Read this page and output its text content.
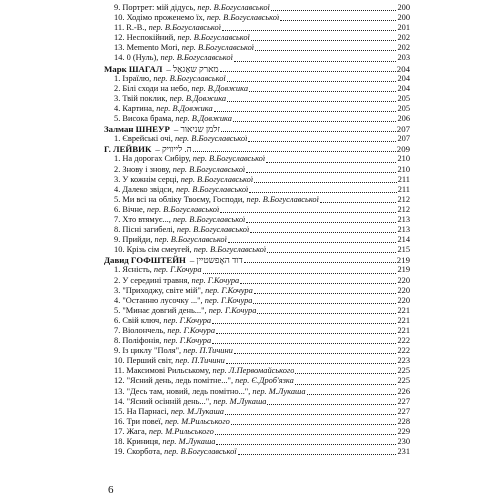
9. Портрет: мій дідусь, пер. В.Богуславської	200
10. Ходімо прожeнемо їх, пер. В.Богуславської	200
11. R.-B., пер. В.Богуславської	201
12. Неспокійний, пер. В.Богуславської	202
13. Memento Mori, пер. В.Богуславської	202
14. 0 (Нуль), пер. В.Богуславської	203
Марк ШАГАЛ – מארק שאַגאַל	204
1. Ізраїлю, пер. В.Богуславської	204
2. Білі сходи на небо, пер. В.Довжика	204
3. Твій поклик, пер. В.Довжика	205
4. Картина, пер. В.Довжика	205
5. Висока брама, пер. В.Довжика	206
Залман ШНЕУР – זלמן שניאור	207
1. Єврейські очі, пер. В.Богуславської	207
Г. ЛЕЙВИК – ה. לייוויק	209
1. На дорогах Сибіру, пер. В.Богуславської	210
2. Знову і знову, пер. В.Богуславської	210
3. У кожнім серці, пер. В.Богуславської	211
4. Далеко звідси, пер. В.Богуславської	211
5. Ми всі на обліку Твоєму, Господи, пер. В.Богуславської	212
6. Вічне, пер. В.Богуславської	212
7. Хто втямує..., пер. В.Богуславської	213
8. Пісні загибелі, пер. В.Богуславської	213
9. Прийди, пер. В.Богуславської	214
10. Крізь сім смеугей, пер. В.Богуславської	215
Давид ГОФШТЕЙН – דוד האָפשטיין	219
1. Ясність, пер. Г.Кочура	219
2. У середині травня, пер. Г.Кочура	220
3. "Приходжу, світе мій", пер. Г.Кочура	220
4. "Останню лусочку ...", пер. Г.Кочура	220
5. "Минає довгий день...", пер. Г.Кочура	221
6. Свій ключ, пер. Г.Кочура	221
7. Віолончель, пер. Г.Кочура	221
8. Поліфонія, пер. Г.Кочура	222
9. Із циклу "Поля", пер. П.Тичини	222
10. Перший світ, пер. П.Тичини	223
11. Максимові Рильському, пер. Л.Первомайського	225
12. "Ясний день, ледь помітне...", пер. Є.Дроб'язка	225
13. "Десь там, новий, ледь помітно...", пер. М.Лукаша	226
14. "Ясний осінній день...", пер. М.Лукаша	227
15. На Парнасі, пер. М.Лукаша	227
16. Три повеї, пер. М.Рильського	228
17. Жага, пер. М.Рильського	229
18. Криниця, пер. М.Лукаша	230
19. Скорбота, пер. В.Богуславської	231
6
